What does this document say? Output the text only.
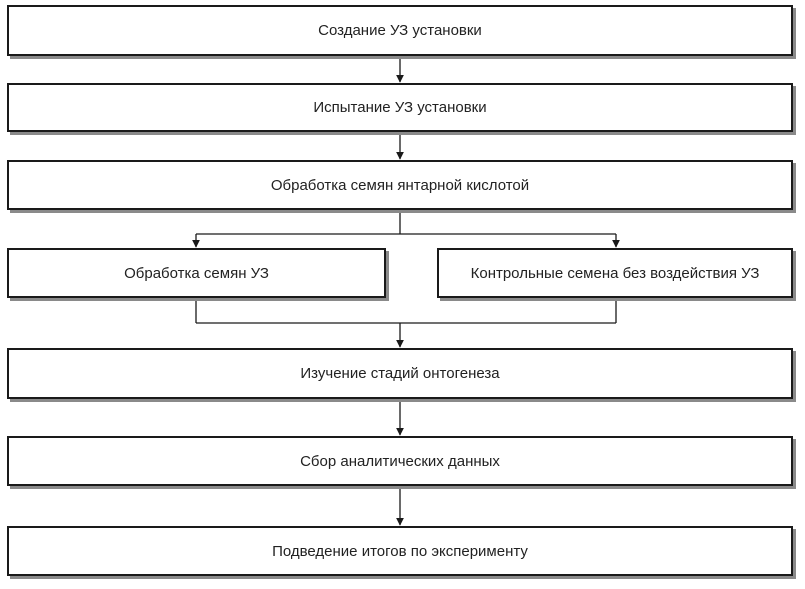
Создание УЗ установки
Испытание УЗ установки
Обработка семян янтарной кислотой
Обработка семян УЗ	Контрольные семена без воздействия УЗ
Изучение стадий онтогенеза
Сбор аналитических данных
Подведение итогов по эксперименту
